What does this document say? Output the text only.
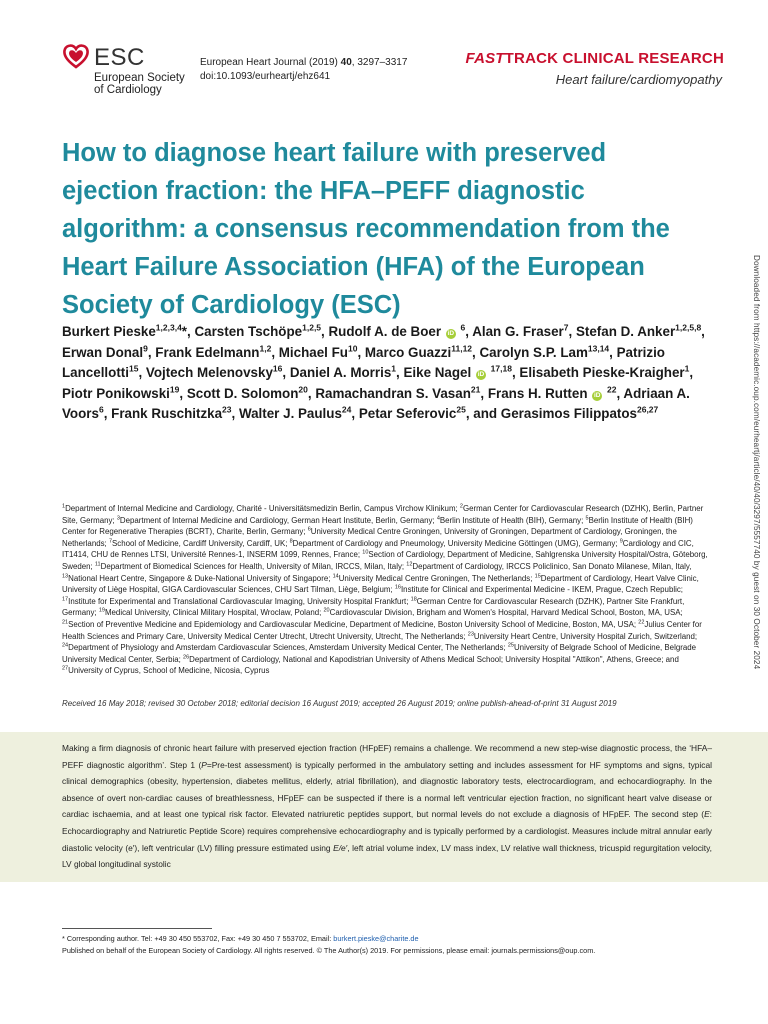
ESC
European Society
of Cardiology
European Heart Journal (2019) 40, 3297–3317
doi:10.1093/eurheartj/ehz641
FASTTRACK CLINICAL RESEARCH
Heart failure/cardiomyopathy
How to diagnose heart failure with preserved ejection fraction: the HFA–PEFF diagnostic algorithm: a consensus recommendation from the Heart Failure Association (HFA) of the European Society of Cardiology (ESC)
Burkert Pieske$^{1,2,3,4}$*, Carsten Tschöpe$^{1,2,5}$, Rudolf A. de Boer iD $^6$, Alan G. Fraser$^7$, Stefan D. Anker$^{1,2,5,8}$, Erwan Donal$^9$, Frank Edelmann$^{1,2}$, Michael Fu$^{10}$, Marco Guazzi$^{11,12}$, Carolyn S.P. Lam$^{13,14}$, Patrizio Lancellotti$^{15}$, Vojtech Melenovsky$^{16}$, Daniel A. Morris$^1$, Eike Nagel iD $^{17,18}$, Elisabeth Pieske-Kraigher$^1$, Piotr Ponikowski$^{19}$, Scott D. Solomon$^{20}$, Ramachandran S. Vasan$^{21}$, Frans H. Rutten iD $^{22}$, Adriaan A. Voors$^6$, Frank Ruschitzka$^{23}$, Walter J. Paulus$^{24}$, Petar Seferovic$^{25}$, and Gerasimos Filippatos$^{26,27}$
$^1$Department of Internal Medicine and Cardiology, Charité - Universitätsmedizin Berlin, Campus Virchow Klinikum; $^2$German Center for Cardiovascular Research (DZHK), Berlin, Partner Site, Germany; $^3$Department of Internal Medicine and Cardiology, German Heart Institute, Berlin, Germany; $^4$Berlin Institute of Health (BIH), Germany; $^5$Berlin Institute of Health (BIH) Center for Regenerative Therapies (BCRT), Charite, Berlin, Germany; $^6$University Medical Centre Groningen, University of Groningen, Department of Cardiology, Groningen, the Netherlands; $^7$School of Medicine, Cardiff University, Cardiff, UK; $^8$Department of Cardiology and Pneumology, University Medicine Göttingen (UMG), Germany; $^9$Cardiology and CIC, IT1414, CHU de Rennes LTSI, Université Rennes-1, INSERM 1099, Rennes, France; $^{10}$Section of Cardiology, Department of Medicine, Sahlgrenska University Hospital/Ostra, Göteborg, Sweden; $^{11}$Department of Biomedical Sciences for Health, University of Milan, IRCCS, Milan, Italy; $^{12}$Department of Cardiology, IRCCS Policlinico, San Donato Milanese, Milan, Italy, $^{13}$National Heart Centre, Singapore & Duke-National University of Singapore; $^{14}$University Medical Centre Groningen, The Netherlands; $^{15}$Department of Cardiology, Heart Valve Clinic, University of Liège Hospital, GIGA Cardiovascular Sciences, CHU Sart Tilman, Liège, Belgium; $^{16}$Institute for Clinical and Experimental Medicine - IKEM, Prague, Czech Republic; $^{17}$Institute for Experimental and Translational Cardiovascular Imaging, University Hospital Frankfurt; $^{18}$German Centre for Cardiovascular Research (DZHK), Partner Site Frankfurt, Germany; $^{19}$Medical University, Clinical Military Hospital, Wroclaw, Poland; $^{20}$Cardiovascular Division, Brigham and Women's Hospital, Harvard Medical School, Boston, MA, USA; $^{21}$Section of Preventive Medicine and Epidemiology and Cardiovascular Medicine, Department of Medicine, Boston University School of Medicine, Boston, MA, USA; $^{22}$Julius Center for Health Sciences and Primary Care, University Medical Center Utrecht, Utrecht University, Utrecht, The Netherlands; $^{23}$University Heart Centre, University Hospital Zurich, Switzerland; $^{24}$Department of Physiology and Amsterdam Cardiovascular Sciences, Amsterdam University Medical Center, The Netherlands; $^{25}$University of Belgrade School of Medicine, Belgrade University Medical Center, Serbia; $^{26}$Department of Cardiology, National and Kapodistrian University of Athens Medical School; University Hospital "Attikon", Athens, Greece; and $^{27}$University of Cyprus, School of Medicine, Nicosia, Cyprus
Received 16 May 2018; revised 30 October 2018; editorial decision 16 August 2019; accepted 26 August 2019; online publish-ahead-of-print 31 August 2019
Making a firm diagnosis of chronic heart failure with preserved ejection fraction (HFpEF) remains a challenge. We recommend a new step-wise diagnostic process, the ‘HFA–PEFF diagnostic algorithm’. Step 1 (P=Pre-test assessment) is typically performed in the ambulatory setting and includes assessment for HF symptoms and signs, typical clinical demographics (obesity, hypertension, diabetes mellitus, elderly, atrial fibrillation), and diagnostic laboratory tests, electrocardiogram, and echocardiography. In the absence of overt non-cardiac causes of breathlessness, HFpEF can be suspected if there is a normal left ventricular ejection fraction, no significant heart valve disease or cardiac ischaemia, and at least one typical risk factor. Elevated natriuretic peptides support, but normal levels do not exclude a diagnosis of HFpEF. The second step (E: Echocardiography and Natriuretic Peptide Score) requires comprehensive echocardiography and is typically performed by a cardiologist. Measures include mitral annular early diastolic velocity (e′), left ventricular (LV) filling pressure estimated using E/e′, left atrial volume index, LV mass index, LV relative wall thickness, tricuspid regurgitation velocity, LV global longitudinal systolic
* Corresponding author. Tel: +49 30 450 553702, Fax: +49 30 450 7 553702, Email: burkert.pieske@charite.de
Published on behalf of the European Society of Cardiology. All rights reserved. © The Author(s) 2019. For permissions, please email: journals.permissions@oup.com.
Downloaded from https://academic.oup.com/eurheartj/article/40/40/3297/5557740 by guest on 30 October 2024
